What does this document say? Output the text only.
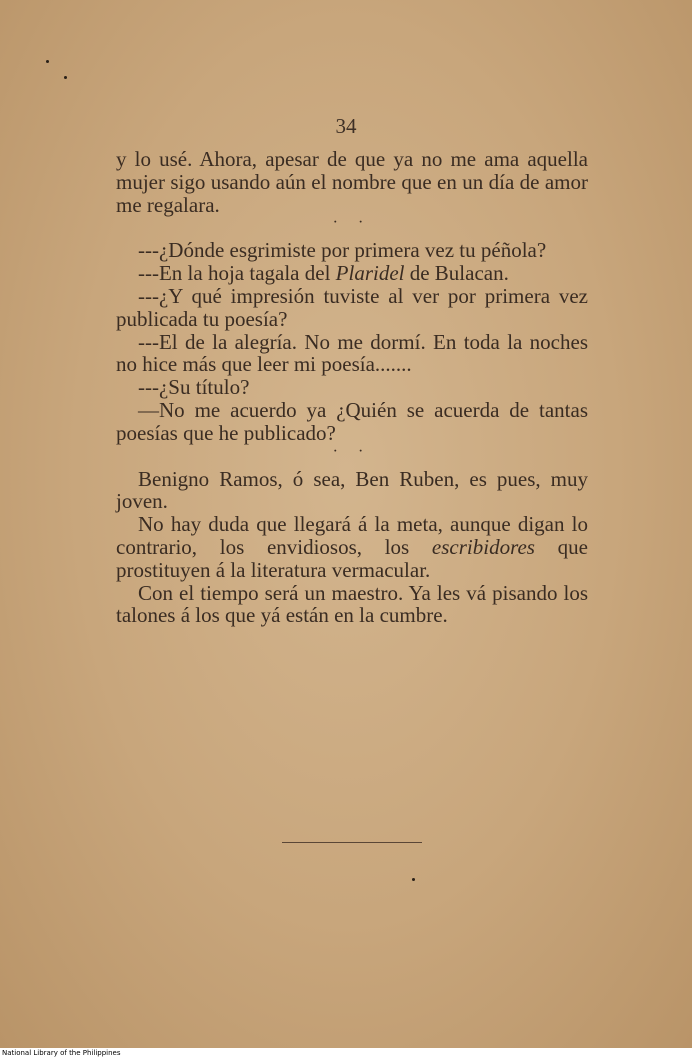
34

y lo usé. Ahora, apesar de que ya no me ama aquella mujer sigo usando aún el nombre que en un día de amor me regalara.

· ·

---¿Dónde esgrimiste por primera vez tu péñola?

---En la hoja tagala del Plaridel de Bulacan.

---¿Y qué impresión tuviste al ver por primera vez publicada tu poesía?

---El de la alegría. No me dormí. En toda la noches no hice más que leer mi poesía.......

---¿Su título?

—No me acuerdo ya ¿Quién se acuerda de tantas poesías que he publicado?

· ·

Benigno Ramos, ó sea, Ben Ruben, es pues, muy joven.

No hay duda que llegará á la meta, aunque digan lo contrario, los envidiosos, los escribidores que prostituyen á la literatura vermacular.

Con el tiempo será un maestro. Ya les vá pisando los talones á los que yá están en la cumbre.

National Library of the Philippines
